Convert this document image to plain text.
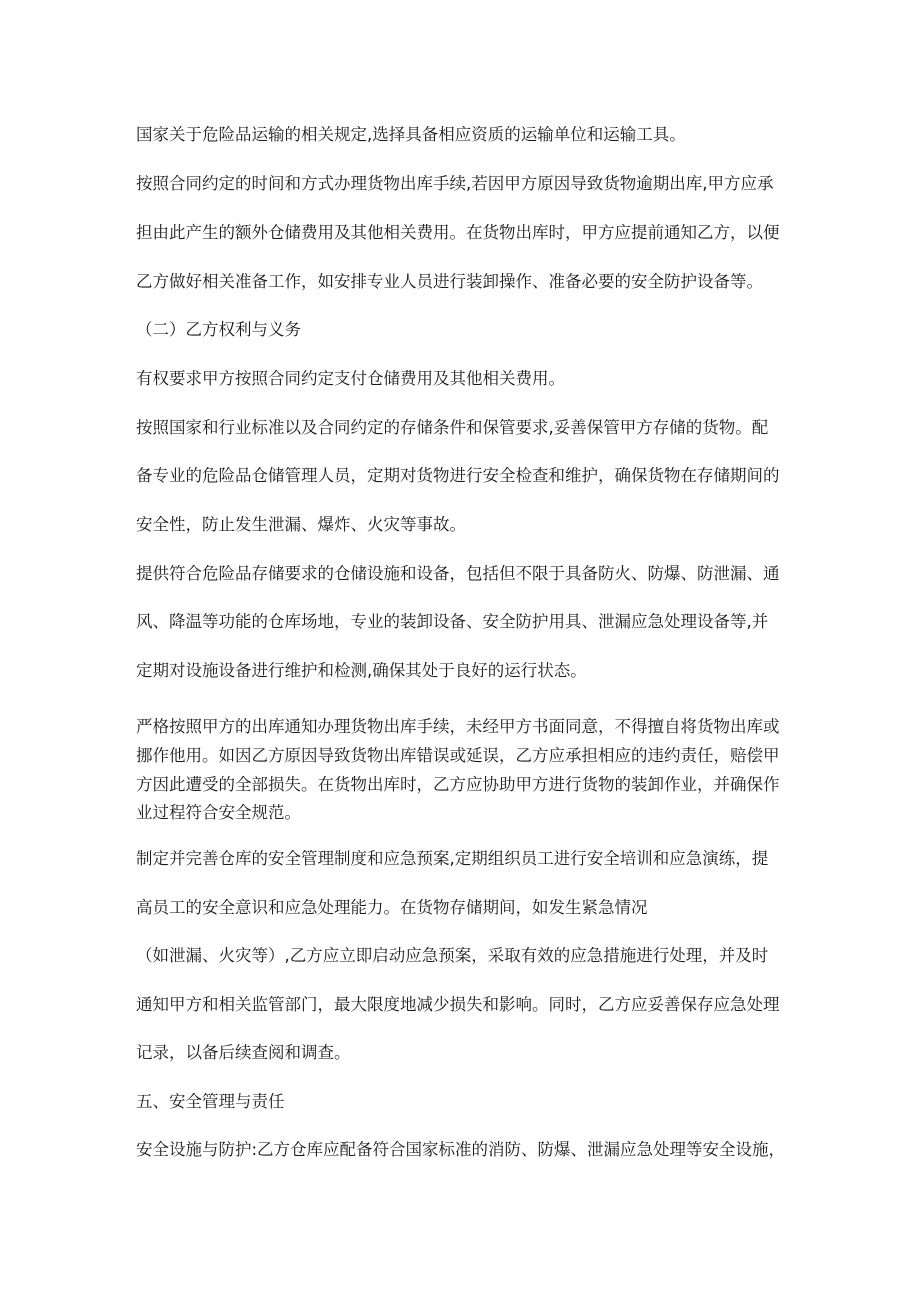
国家关于危险品运输的相关规定,选择具备相应资质的运输单位和运输工具。
按照合同约定的时间和方式办理货物出库手续,若因甲方原因导致货物逾期出库,甲方应承
担由此产生的额外仓储费用及其他相关费用。在货物出库时，甲方应提前通知乙方，以便
乙方做好相关准备工作，如安排专业人员进行装卸操作、准备必要的安全防护设备等。
（二）乙方权利与义务
有权要求甲方按照合同约定支付仓储费用及其他相关费用。
按照国家和行业标准以及合同约定的存储条件和保管要求,妥善保管甲方存储的货物。配
备专业的危险品仓储管理人员，定期对货物进行安全检查和维护，确保货物在存储期间的
安全性，防止发生泄漏、爆炸、火灾等事故。
提供符合危险品存储要求的仓储设施和设备，包括但不限于具备防火、防爆、防泄漏、通
风、降温等功能的仓库场地，专业的装卸设备、安全防护用具、泄漏应急处理设备等,并
定期对设施设备进行维护和检测,确保其处于良好的运行状态。
严格按照甲方的出库通知办理货物出库手续，未经甲方书面同意，不得擅自将货物出库或
挪作他用。如因乙方原因导致货物出库错误或延误，乙方应承担相应的违约责任，赔偿甲
方因此遭受的全部损失。在货物出库时，乙方应协助甲方进行货物的装卸作业，并确保作
业过程符合安全规范。
制定并完善仓库的安全管理制度和应急预案,定期组织员工进行安全培训和应急演练，提
高员工的安全意识和应急处理能力。在货物存储期间，如发生紧急情况
（如泄漏、火灾等）,乙方应立即启动应急预案，采取有效的应急措施进行处理，并及时
通知甲方和相关监管部门，最大限度地减少损失和影响。同时，乙方应妥善保存应急处理
记录，以备后续查阅和调查。
五、安全管理与责任
安全设施与防护:乙方仓库应配备符合国家标准的消防、防爆、泄漏应急处理等安全设施，
